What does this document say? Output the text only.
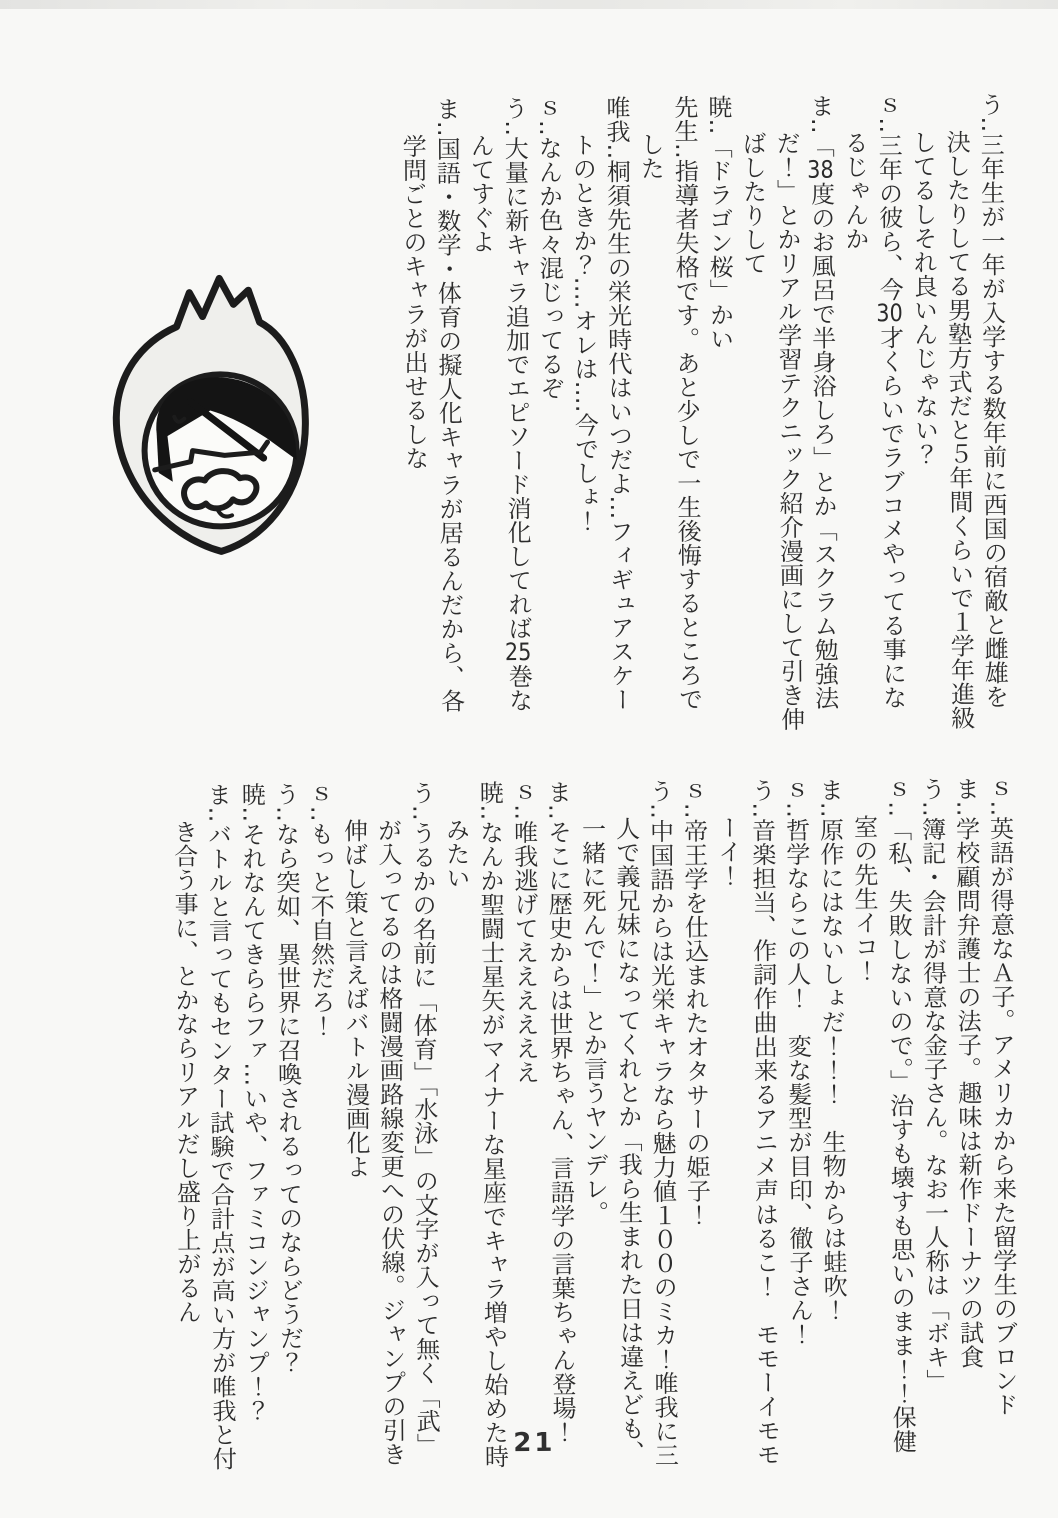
う‥三年生が一年が入学する数年前に西国の宿敵と雌雄を決したりしてる男塾方式だと５年間くらいで１学年進級してるしそれ良いんじゃない？

ｓ‥三年の彼ら、今30才くらいでラブコメやってる事になるじゃんか

ま‥「38度のお風呂で半身浴しろ」とか「スクラム勉強法だ！」とかリアル学習テクニック紹介漫画にして引き伸ばしたりして

暁‥「ドラゴン桜」かい

先生‥指導者失格です。あと少しで一生後悔するところでした

唯我‥桐須先生の栄光時代はいつだよ…フィギュアスケートのときか？‥‥オレは‥‥今でしょ！

ｓ‥なんか色々混じってるぞ

う‥大量に新キャラ追加でエピソード消化してれば25巻なんてすぐよ

ま‥国語・数学・体育の擬人化キャラが居るんだから、各学問ごとのキャラが出せるしな

ｓ‥英語が得意なＡ子。アメリカから来た留学生のブロンド

ま‥学校顧問弁護士の法子。趣味は新作ドーナツの試食

う‥簿記・会計が得意な金子さん。なお一人称は「ボキ」

ｓ‥「私、失敗しないので。」治すも壊すも思いのまま！！保健室の先生イコ！

ま‥原作にはないしょだ！！！　生物からは蛙吹！

ｓ‥哲学ならこの人！　変な髪型が目印、徹子さん！

う‥音楽担当、作詞作曲出来るアニメ声はるこ！　モモーイモモーイ！

ｓ‥帝王学を仕込まれたオタサーの姫子！

う‥中国語からは光栄キャラなら魅力値１００のミカ！唯我に三人で義兄妹になってくれとか「我ら生まれた日は違えども、一緒に死んで！」とか言うヤンデレ。

ま‥そこに歴史からは世界ちゃん、言語学の言葉ちゃん登場！

ｓ‥唯我逃げてええええええ

暁‥なんか聖闘士星矢がマイナーな星座でキャラ増やし始めた時みたい

う‥うるかの名前に「体育」「水泳」の文字が入って無く「武」が入ってるのは格闘漫画路線変更への伏線。ジャンプの引き伸ばし策と言えばバトル漫画化よ

ｓ‥もっと不自然だろ！

う‥なら突如、異世界に召喚されるってのならどうだ？

暁‥それなんてきららファ…いや、ファミコンジャンプ！？

ま‥バトルと言ってもセンター試験で合計点が高い方が唯我と付き合う事に、とかならリアルだし盛り上がるん

21
